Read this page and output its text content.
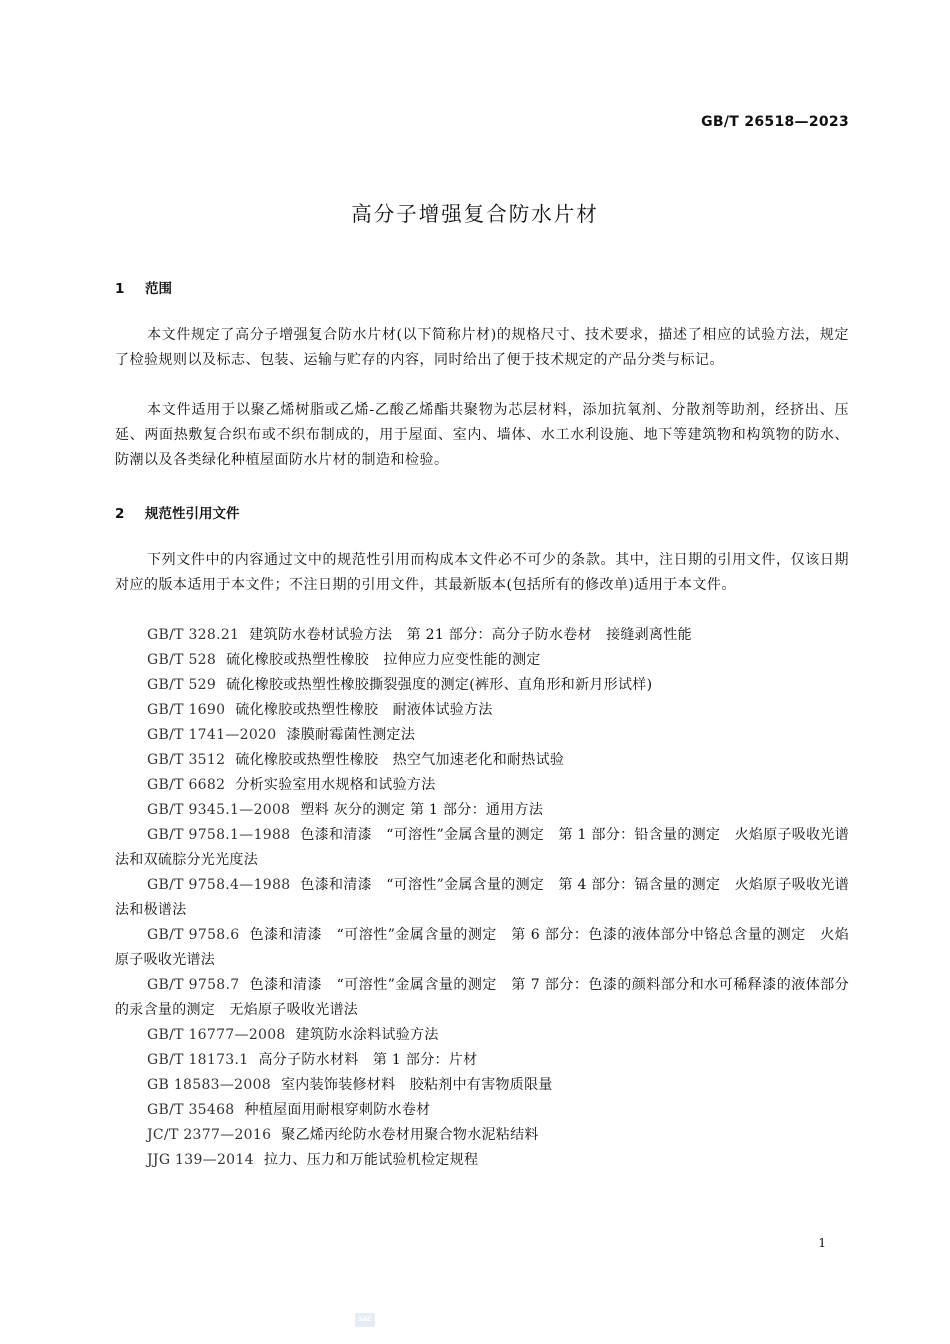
GB/T 26518—2023
高分子增强复合防水片材
1 范围
本文件规定了高分子增强复合防水片材(以下简称片材)的规格尺寸、技术要求，描述了相应的试验方法，规定了检验规则以及标志、包装、运输与贮存的内容，同时给出了便于技术规定的产品分类与标记。
本文件适用于以聚乙烯树脂或乙烯-乙酸乙烯酯共聚物为芯层材料，添加抗氧剂、分散剂等助剂，经挤出、压延、两面热敷复合织布或不织布制成的，用于屋面、室内、墙体、水工水利设施、地下等建筑物和构筑物的防水、防潮以及各类绿化种植屋面防水片材的制造和检验。
2 规范性引用文件
下列文件中的内容通过文中的规范性引用而构成本文件必不可少的条款。其中，注日期的引用文件，仅该日期对应的版本适用于本文件；不注日期的引用文件，其最新版本(包括所有的修改单)适用于本文件。
GB/T 328.21 建筑防水卷材试验方法　第 21 部分：高分子防水卷材　接缝剥离性能
GB/T 528 硫化橡胶或热塑性橡胶　拉伸应力应变性能的测定
GB/T 529 硫化橡胶或热塑性橡胶撕裂强度的测定(裤形、直角形和新月形试样)
GB/T 1690 硫化橡胶或热塑性橡胶　耐液体试验方法
GB/T 1741—2020 漆膜耐霉菌性测定法
GB/T 3512 硫化橡胶或热塑性橡胶　热空气加速老化和耐热试验
GB/T 6682 分析实验室用水规格和试验方法
GB/T 9345.1—2008 塑料 灰分的测定 第 1 部分：通用方法
GB/T 9758.1—1988 色漆和清漆　“可溶性”金属含量的测定　第 1 部分：铅含量的测定　火焰原子吸收光谱法和双硫腙分光光度法
GB/T 9758.4—1988 色漆和清漆　“可溶性”金属含量的测定　第 4 部分：镉含量的测定　火焰原子吸收光谱法和极谱法
GB/T 9758.6 色漆和清漆　“可溶性”金属含量的测定　第 6 部分：色漆的液体部分中铬总含量的测定　火焰原子吸收光谱法
GB/T 9758.7 色漆和清漆　“可溶性”金属含量的测定　第 7 部分：色漆的颜料部分和水可稀释漆的液体部分的汞含量的测定　无焰原子吸收光谱法
GB/T 16777—2008 建筑防水涂料试验方法
GB/T 18173.1 高分子防水材料　第 1 部分：片材
GB 18583—2008 室内装饰装修材料　胶粘剂中有害物质限量
GB/T 35468 种植屋面用耐根穿刺防水卷材
JC/T 2377—2016 聚乙烯丙纶防水卷材用聚合物水泥粘结料
JJG 139—2014 拉力、压力和万能试验机检定规程
1
SAC
